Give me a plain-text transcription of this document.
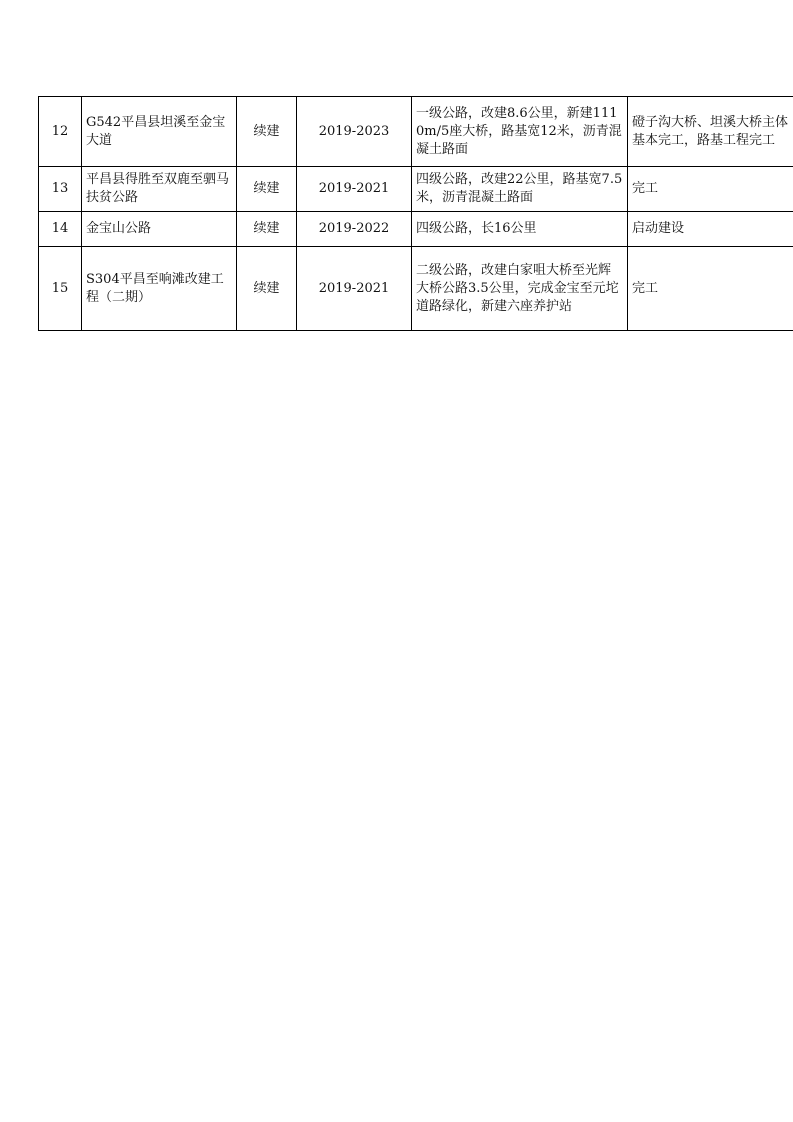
12	G542平昌县坦溪至金宝大道	续建	2019-2023	一级公路，改建8.6公里，新建1110m/5座大桥，路基宽12米，沥青混凝土路面	磴子沟大桥、坦溪大桥主体基本完工，路基工程完工
13	平昌县得胜至双鹿至驷马扶贫公路	续建	2019-2021	四级公路，改建22公里，路基宽7.5米，沥青混凝土路面	完工
14	金宝山公路	续建	2019-2022	四级公路，长16公里	启动建设
15	S304平昌至响滩改建工程（二期）	续建	2019-2021	二级公路，改建白家咀大桥至光辉大桥公路3.5公里，完成金宝至元坨道路绿化，新建六座养护站	完工
